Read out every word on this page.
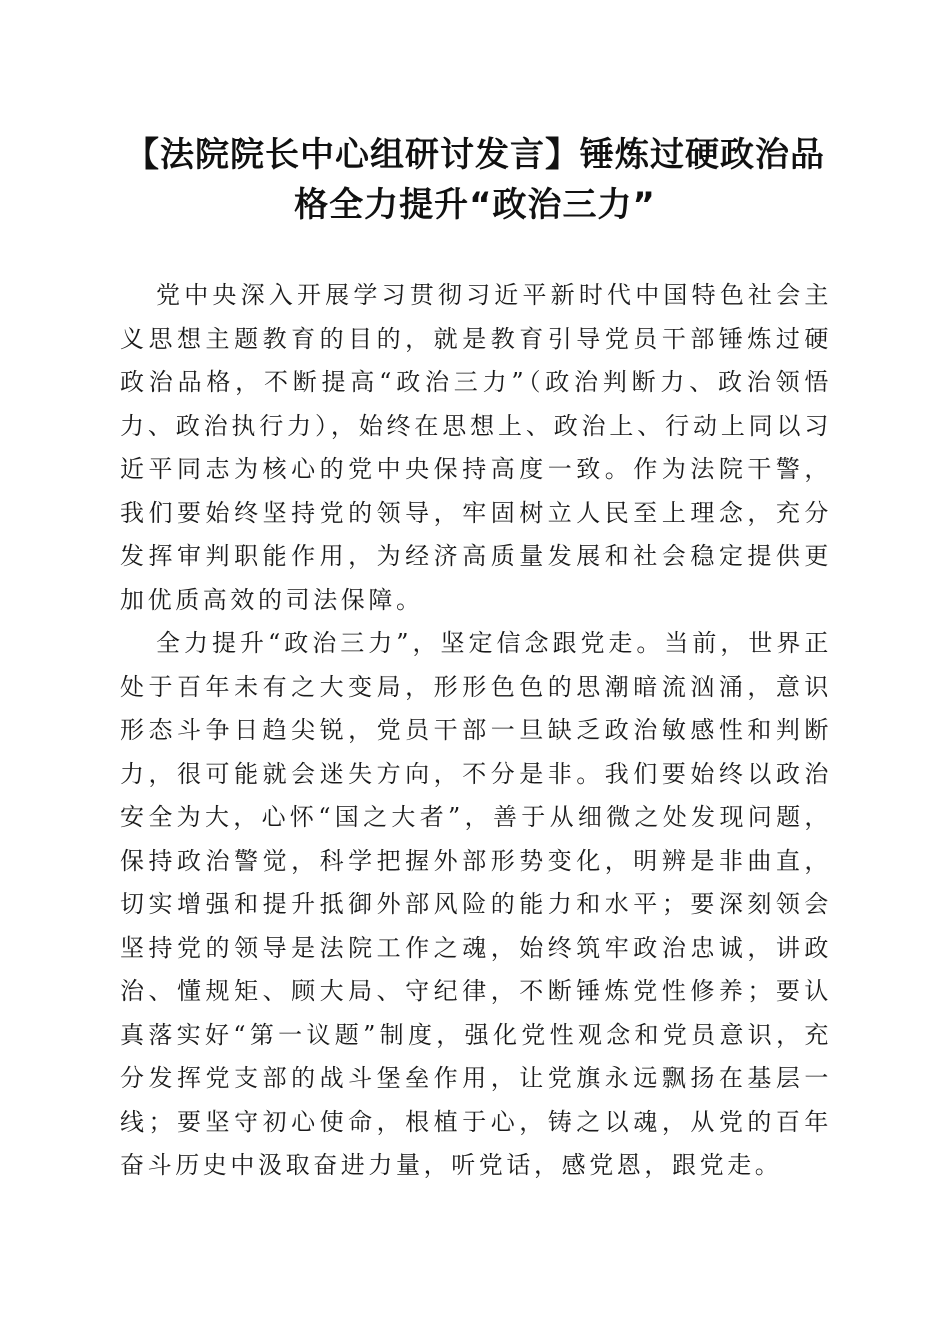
【法院院长中心组研讨发言】锤炼过硬政治品
格全力提升“政治三力”

党中央深入开展学习贯彻习近平新时代中国特色社会主义思想主题教育的目的，就是教育引导党员干部锤炼过硬政治品格，不断提高“政治三力”（政治判断力、政治领悟力、政治执行力），始终在思想上、政治上、行动上同以习近平同志为核心的党中央保持高度一致。作为法院干警，我们要始终坚持党的领导，牢固树立人民至上理念，充分发挥审判职能作用，为经济高质量发展和社会稳定提供更加优质高效的司法保障。

全力提升“政治三力”，坚定信念跟党走。当前，世界正处于百年未有之大变局，形形色色的思潮暗流汹涌，意识形态斗争日趋尖锐，党员干部一旦缺乏政治敏感性和判断力，很可能就会迷失方向，不分是非。我们要始终以政治安全为大，心怀“国之大者”，善于从细微之处发现问题，保持政治警觉，科学把握外部形势变化，明辨是非曲直，切实增强和提升抵御外部风险的能力和水平；要深刻领会坚持党的领导是法院工作之魂，始终筑牢政治忠诚，讲政治、懂规矩、顾大局、守纪律，不断锤炼党性修养；要认真落实好“第一议题”制度，强化党性观念和党员意识，充分发挥党支部的战斗堡垒作用，让党旗永远飘扬在基层一线；要坚守初心使命，根植于心，铸之以魂，从党的百年奋斗历史中汲取奋进力量，听党话，感党恩，跟党走。
